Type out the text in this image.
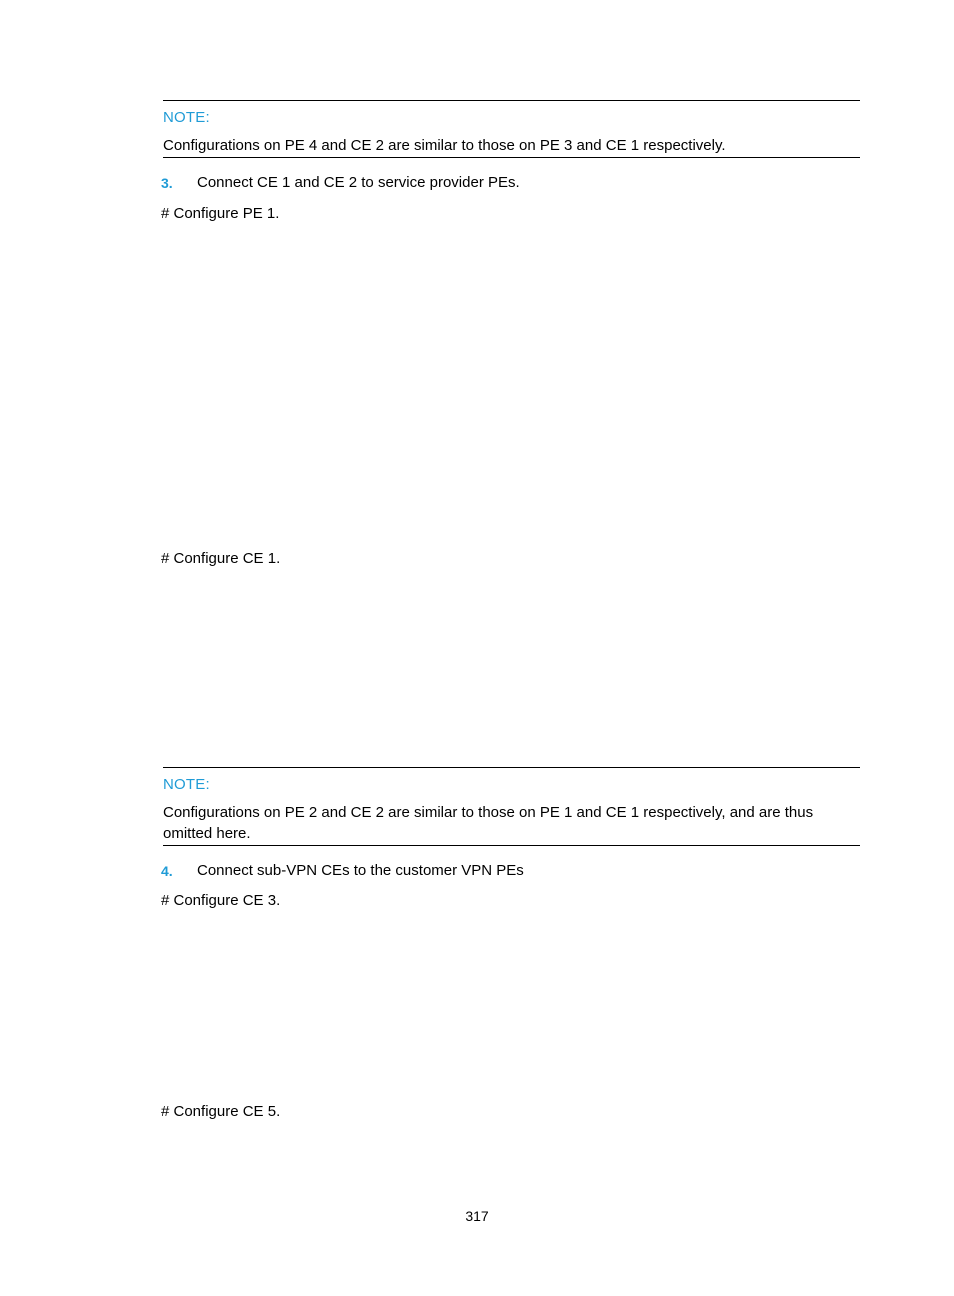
NOTE:
Configurations on PE 4 and CE 2 are similar to those on PE 3 and CE 1 respectively.
3. Connect CE 1 and CE 2 to service provider PEs.
# Configure PE 1.
# Configure CE 1.
NOTE:
Configurations on PE 2 and CE 2 are similar to those on PE 1 and CE 1 respectively, and are thus omitted here.
4. Connect sub-VPN CEs to the customer VPN PEs
# Configure CE 3.
# Configure CE 5.
317
